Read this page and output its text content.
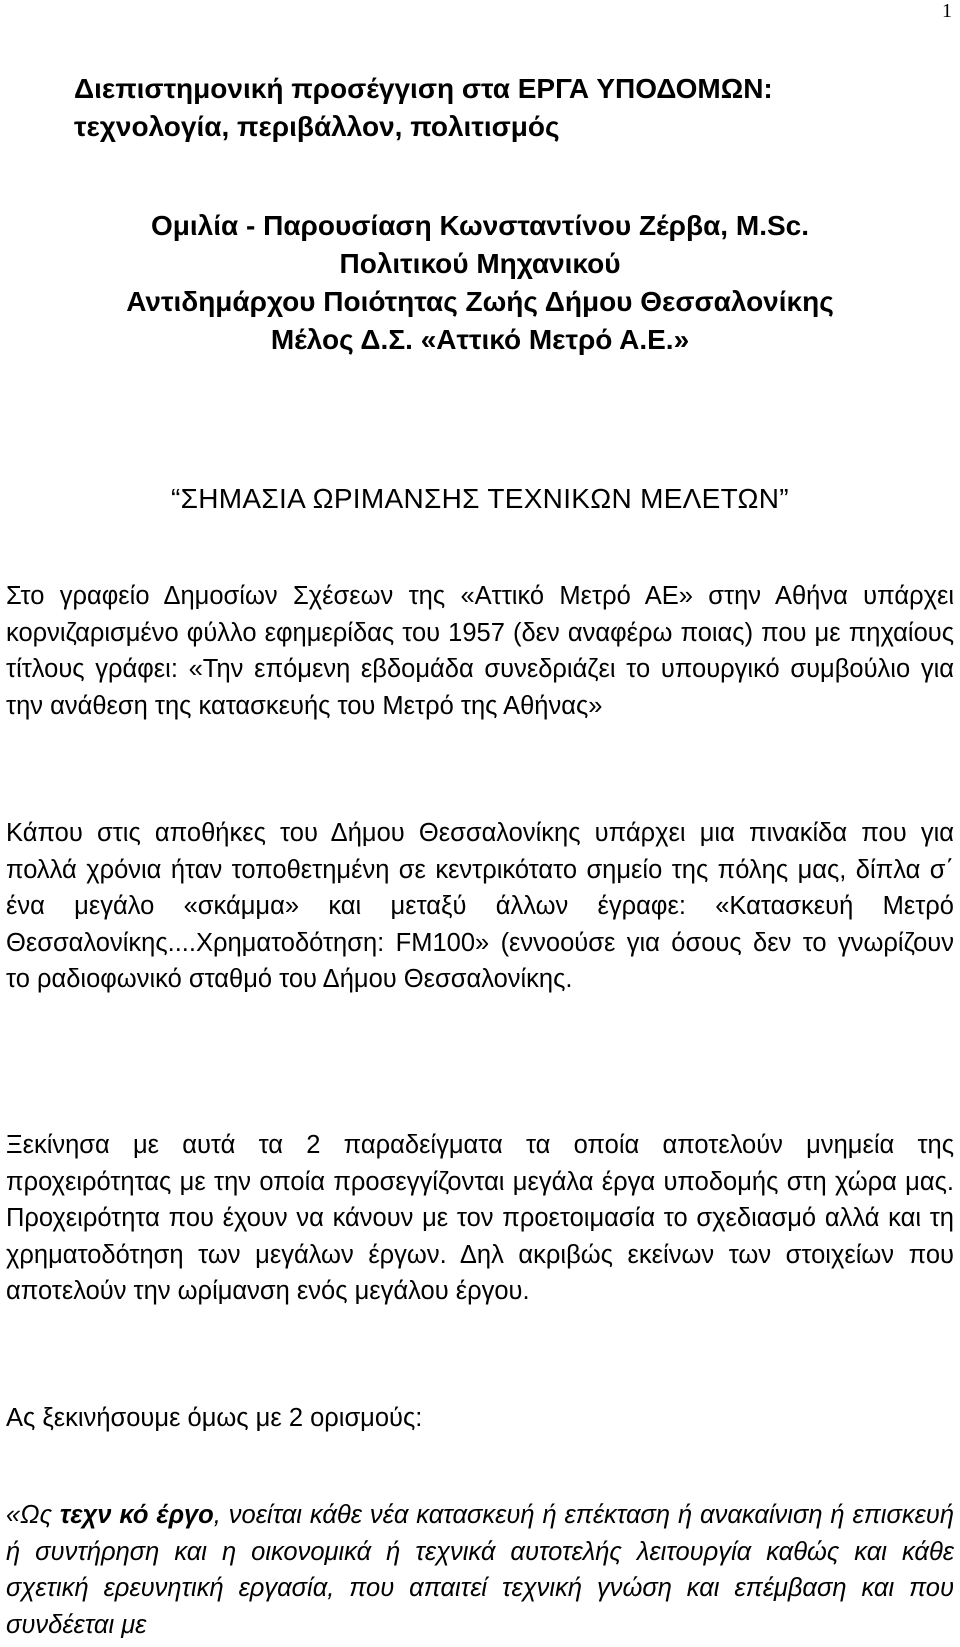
1
Διεπιστημονική προσέγγιση στα ΕΡΓΑ ΥΠΟΔΟΜΩΝ: τεχνολογία, περιβάλλον, πολιτισμός
Ομιλία - Παρουσίαση Κωνσταντίνου Ζέρβα, M.Sc.
Πολιτικού Μηχανικού
Αντιδημάρχου Ποιότητας Ζωής Δήμου Θεσσαλονίκης
Μέλος Δ.Σ. «Αττικό Μετρό Α.Ε.»
“ΣΗΜΑΣΙΑ ΩΡΙΜΑΝΣΗΣ ΤΕΧΝΙΚΩΝ ΜΕΛΕΤΩΝ”
Στο γραφείο Δημοσίων Σχέσεων της «Αττικό Μετρό ΑΕ» στην Αθήνα υπάρχει κορνιζαρισμένο φύλλο εφημερίδας του 1957 (δεν αναφέρω ποιας) που με πηχαίους τίτλους γράφει: «Την επόμενη εβδομάδα συνεδριάζει το υπουργικό συμβούλιο για την ανάθεση της κατασκευής του Μετρό της Αθήνας»
Κάπου στις αποθήκες του Δήμου Θεσσαλονίκης υπάρχει μια πινακίδα που για πολλά χρόνια ήταν τοποθετημένη σε κεντρικότατο σημείο της πόλης μας, δίπλα σ΄ ένα μεγάλο «σκάμμα» και μεταξύ άλλων έγραφε: «Κατασκευή Μετρό Θεσσαλονίκης....Χρηματοδότηση: FM100» (εννοούσε για όσους δεν το γνωρίζουν το ραδιοφωνικό σταθμό του Δήμου Θεσσαλονίκης.
Ξεκίνησα με αυτά τα 2 παραδείγματα τα οποία αποτελούν μνημεία της προχειρότητας με την οποία προσεγγίζονται μεγάλα έργα υποδομής στη χώρα μας. Προχειρότητα που έχουν να κάνουν με τον προετοιμασία το σχεδιασμό αλλά και τη χρηματοδότηση των μεγάλων έργων. Δηλ ακριβώς εκείνων των στοιχείων που αποτελούν την ωρίμανση ενός μεγάλου έργου.
Ας ξεκινήσουμε όμως με 2 ορισμούς:
«Ως τεχν κό έργο, νοείται κάθε νέα κατασκευή ή επέκταση ή ανακαίνιση ή επισκευή ή συντήρηση και η οικονομικά ή τεχνικά αυτοτελής λειτουργία καθώς και κάθε σχετική ερευνητική εργασία, που απαιτεί τεχνική γνώση και επέμβαση και που συνδέεται με
